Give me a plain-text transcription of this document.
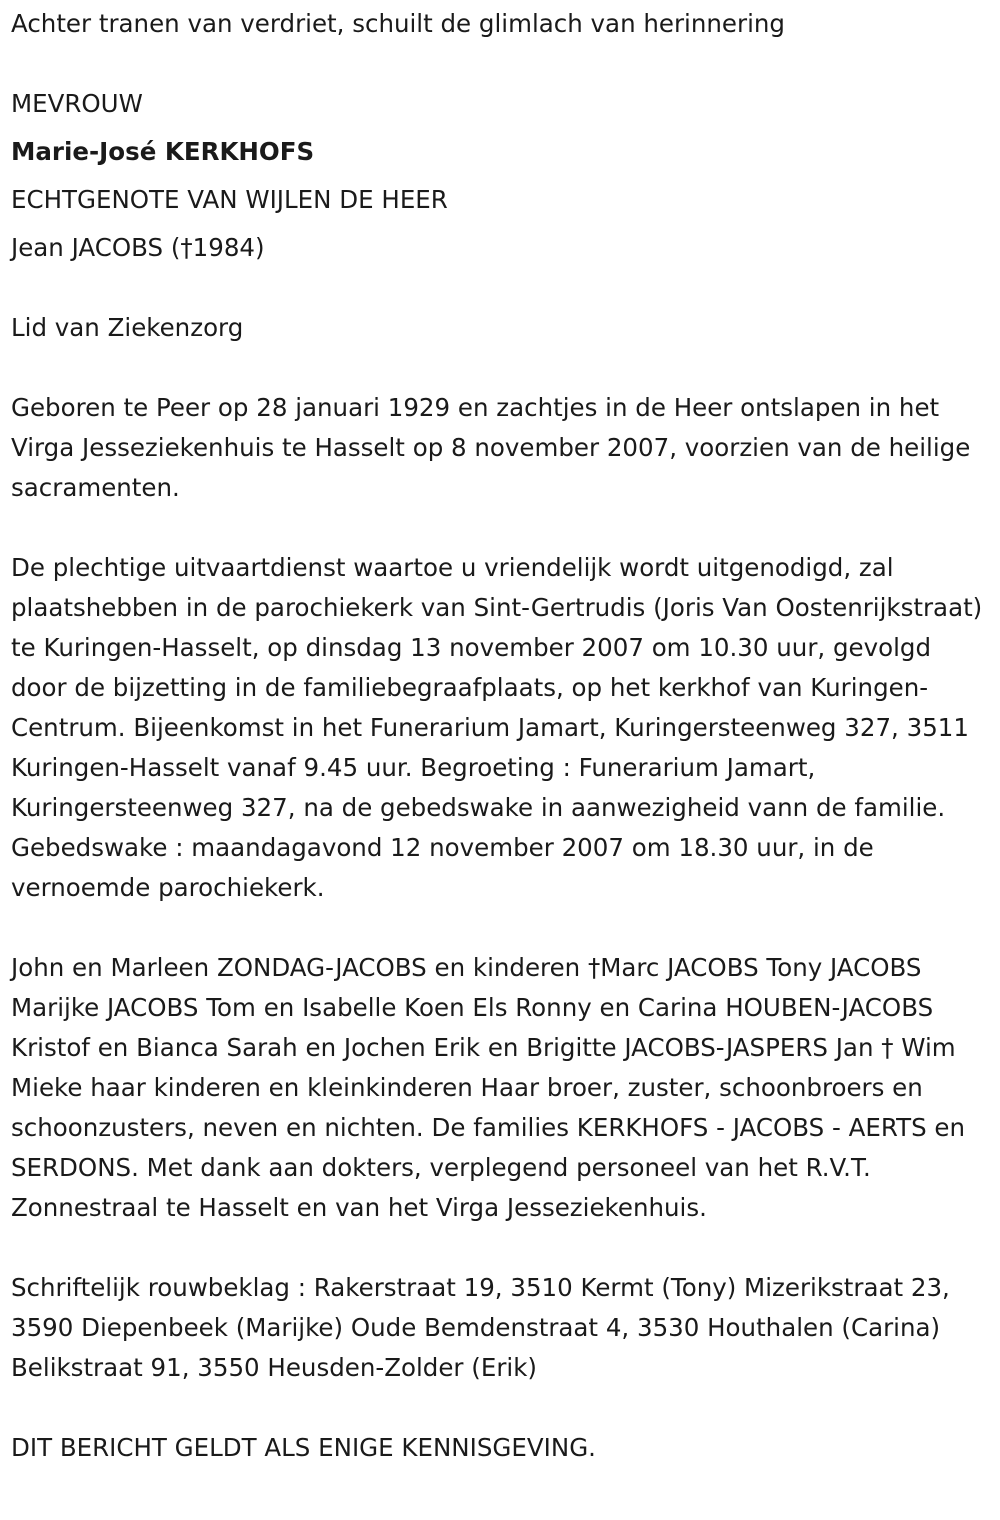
Achter tranen van verdriet, schuilt de glimlach van herinnering

MEVROUW

Marie-José KERKHOFS

ECHTGENOTE VAN WIJLEN DE HEER

Jean JACOBS (†1984)

Lid van Ziekenzorg

Geboren te Peer op 28 januari 1929 en zachtjes in de Heer ontslapen in het Virga Jesseziekenhuis te Hasselt op 8 november 2007, voorzien van de heilige sacramenten.

De plechtige uitvaartdienst waartoe u vriendelijk wordt uitgenodigd, zal plaatshebben in de parochiekerk van Sint-Gertrudis (Joris Van Oostenrijkstraat) te Kuringen-Hasselt, op dinsdag 13 november 2007 om 10.30 uur, gevolgd door de bijzetting in de familiebegraafplaats, op het kerkhof van Kuringen-Centrum. Bijeenkomst in het Funerarium Jamart, Kuringersteenweg 327, 3511 Kuringen-Hasselt vanaf 9.45 uur. Begroeting : Funerarium Jamart, Kuringersteenweg 327, na de gebedswake in aanwezigheid vann de familie. Gebedswake : maandagavond 12 november 2007 om 18.30 uur, in de vernoemde parochiekerk.

John en Marleen ZONDAG-JACOBS en kinderen †Marc JACOBS Tony JACOBS Marijke JACOBS Tom en Isabelle Koen Els Ronny en Carina HOUBEN-JACOBS Kristof en Bianca Sarah en Jochen Erik en Brigitte JACOBS-JASPERS Jan † Wim Mieke haar kinderen en kleinkinderen Haar broer, zuster, schoonbroers en schoonzusters, neven en nichten. De families KERKHOFS - JACOBS - AERTS en SERDONS. Met dank aan dokters, verplegend personeel van het R.V.T. Zonnestraal te Hasselt en van het Virga Jesseziekenhuis.

Schriftelijk rouwbeklag : Rakerstraat 19, 3510 Kermt (Tony) Mizerikstraat 23, 3590 Diepenbeek (Marijke) Oude Bemdenstraat 4, 3530 Houthalen (Carina) Belikstraat 91, 3550 Heusden-Zolder (Erik)

DIT BERICHT GELDT ALS ENIGE KENNISGEVING.
